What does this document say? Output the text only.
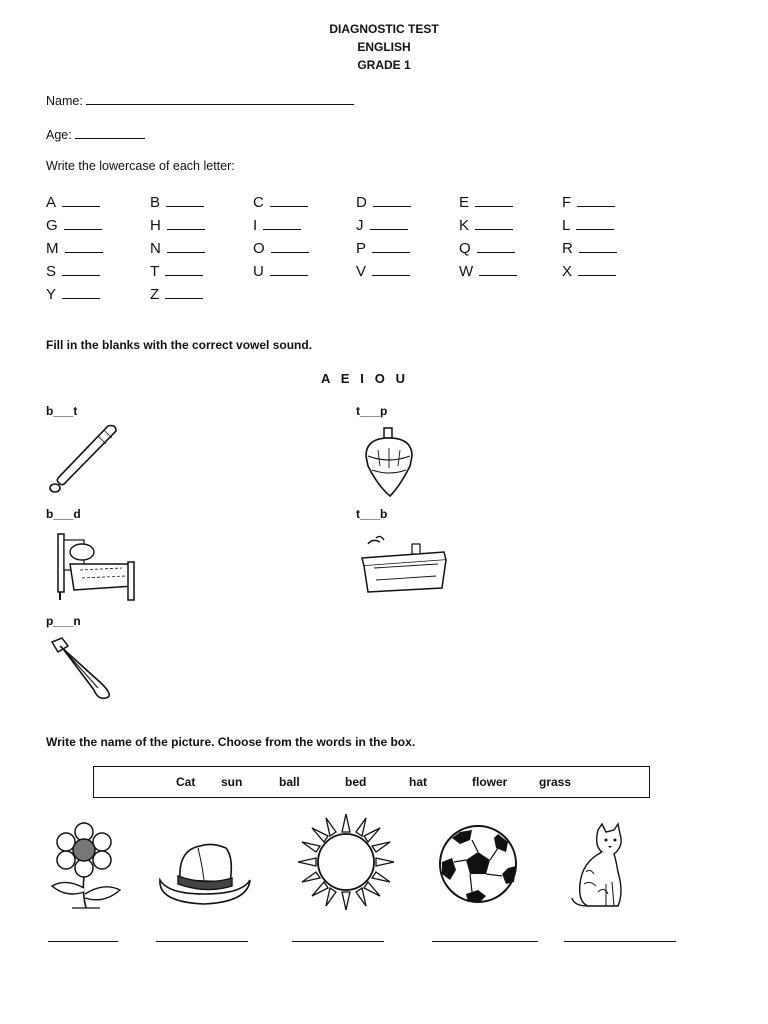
DIAGNOSTIC TEST
ENGLISH
GRADE 1
Name:
Age:
Write the lowercase of each letter:
A	B	C	D	E	F
G	H	I	J	K	L
M	N	O	P	Q	R
S	T	U	V	W	X
Y	Z
Fill in the blanks with the correct vowel sound.
A   E   I   O   U
b___t	t___p
b___d	t___b
p___n
Write the name of the picture. Choose from the words in the box.
Cat sun	ball	bed	hat	flower	grass
